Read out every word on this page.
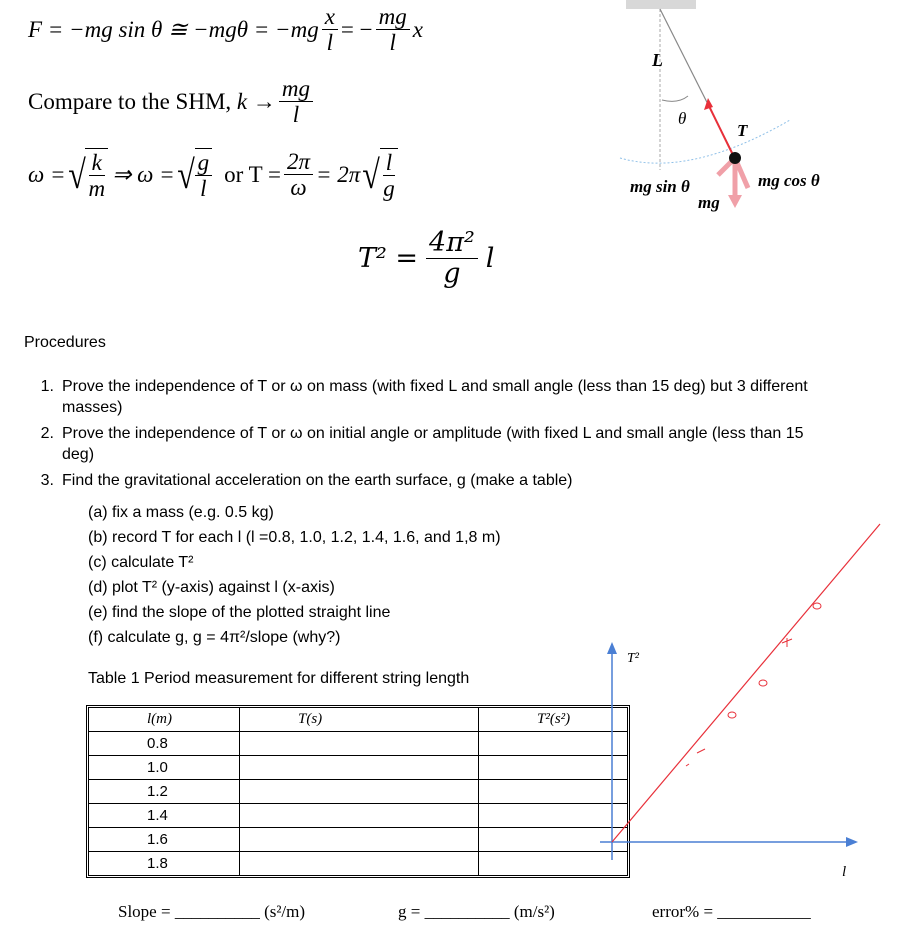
F = −mg sin θ ≅ $-mg\theta = -mg \frac{x}{l}$ = − $\frac{mg}{l}$ x
Compare to the SHM,
$k \to \frac{mg}{l}$
ω = √ $\frac{k}{m}$ ⇒ ω = √ $\frac{g}{l}$ or $T = \frac{2\pi}{\omega} = 2\pi$ √ $\frac{l}{g}$
$T^2 = \frac{\text{4π²}}{g}$ l
L
θ
T
mg sin θ	mg cos θ
mg
Procedures
1. Prove the independence of T or ω on mass (with fixed L and small angle (less than 15 deg) but 3 different masses)
2. Prove the independence of T or ω on initial angle or amplitude (with fixed L and small angle (less than 15 deg)
3. Find the gravitational acceleration on the earth surface, g (make a table)
(a) fix a mass (e.g. 0.5 kg)
(b) record T for each l (l =0.8, 1.0, 1.2, 1.4, 1.6, and 1,8 m)
(c) calculate T²
(d) plot T² (y-axis) against l (x-axis)
(e) find the slope of the plotted straight line
(f) calculate g, g = 4π²/slope (why?)
Table 1 Period measurement for different string length
l(m)	T(s)	T²(s²)
0.8		
1.0		
1.2		
1.4		
1.6		
1.8		
T²
l
Slope = __________ (s²/m)	g = __________ (m/s²)	error% = ___________
